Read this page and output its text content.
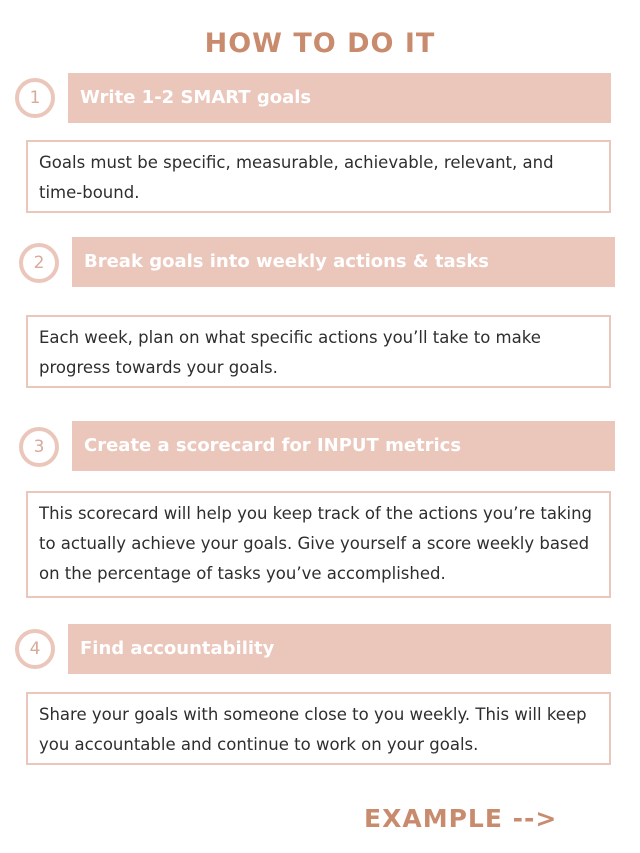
HOW TO DO IT
Write 1-2 SMART goals
1
Goals must be specific, measurable, achievable, relevant, and time-bound.
Break goals into weekly actions & tasks
2
Each week, plan on what specific actions you’ll take to make progress towards your goals.
Create a scorecard for INPUT metrics
3
This scorecard will help you keep track of the actions you’re taking to actually achieve your goals. Give yourself a score weekly based on the percentage of tasks you’ve accomplished.
Find accountability
4
Share your goals with someone close to you weekly. This will keep you accountable and continue to work on your goals.
EXAMPLE -->
